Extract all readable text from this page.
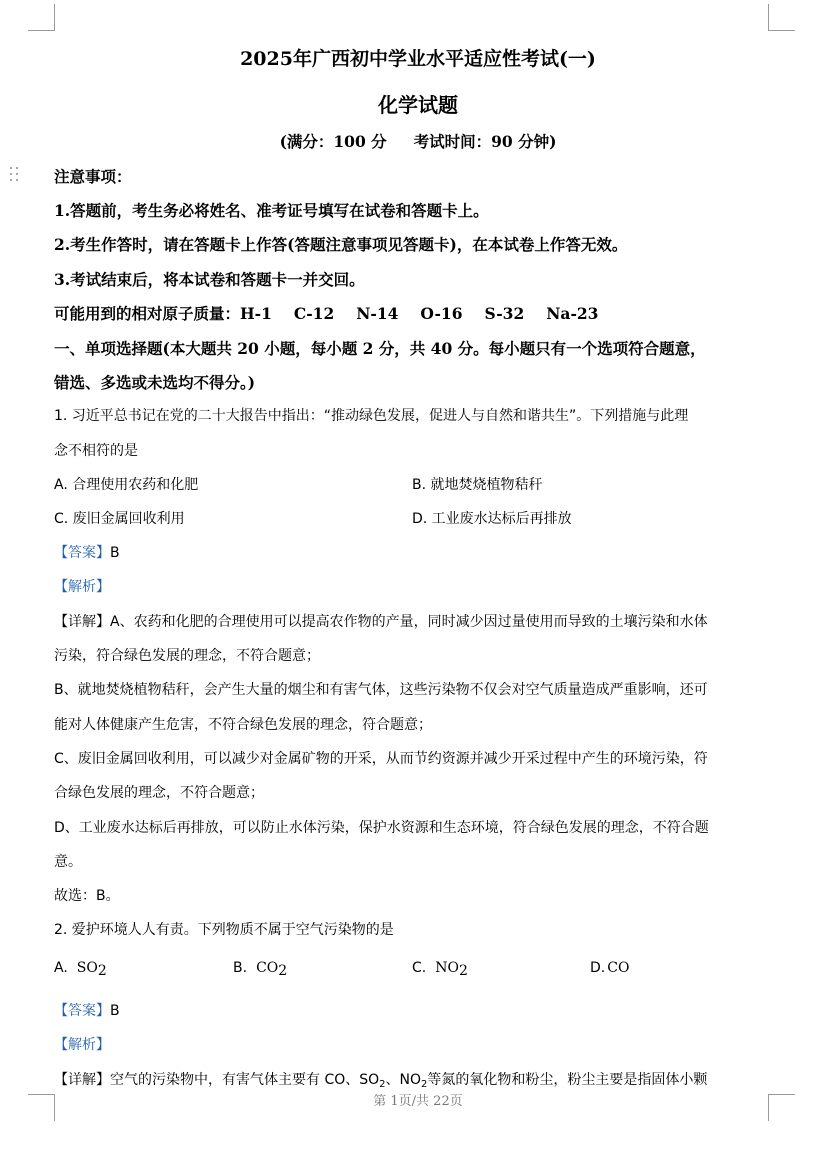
2025年广西初中学业水平适应性考试(一)
化学试题
(满分：100 分     考试时间：90 分钟)
注意事项：
1.答题前，考生务必将姓名、准考证号填写在试卷和答题卡上。
2.考生作答时，请在答题卡上作答(答题注意事项见答题卡)，在本试卷上作答无效。
3.考试结束后，将本试卷和答题卡一并交回。
可能用到的相对原子质量：H-1 C-12 N-14 O-16 S-32 Na-23
一、单项选择题(本大题共 20 小题，每小题 2 分，共 40 分。每小题只有一个选项符合题意，
错选、多选或未选均不得分。)
1. 习近平总书记在党的二十大报告中指出：“推动绿色发展，促进人与自然和谐共生”。下列措施与此理
念不相符的是
A. 合理使用农药和化肥	B. 就地焚烧植物秸秆
C. 废旧金属回收利用	D. 工业废水达标后再排放
【答案】B
【解析】
【详解】A、农药和化肥的合理使用可以提高农作物的产量，同时减少因过量使用而导致的土壤污染和水体
污染，符合绿色发展的理念，不符合题意；
B、就地焚烧植物秸秆，会产生大量的烟尘和有害气体，这些污染物不仅会对空气质量造成严重影响，还可
能对人体健康产生危害，不符合绿色发展的理念，符合题意；
C、废旧金属回收利用，可以减少对金属矿物的开采，从而节约资源并减少开采过程中产生的环境污染，符
合绿色发展的理念，不符合题意；
D、工业废水达标后再排放，可以防止水体污染，保护水资源和生态环境，符合绿色发展的理念，不符合题
意。
故选：B。
2. 爱护环境人人有责。下列物质不属于空气污染物的是
A. $SO_2$	B. $CO_2$	C. $NO_2$	D. CO
【答案】B
【解析】
【详解】空气的污染物中，有害气体主要有 CO、$SO_2$、$NO_2$等氮的氧化物和粉尘，粉尘主要是指固体小颗
第 1页/共 22页
